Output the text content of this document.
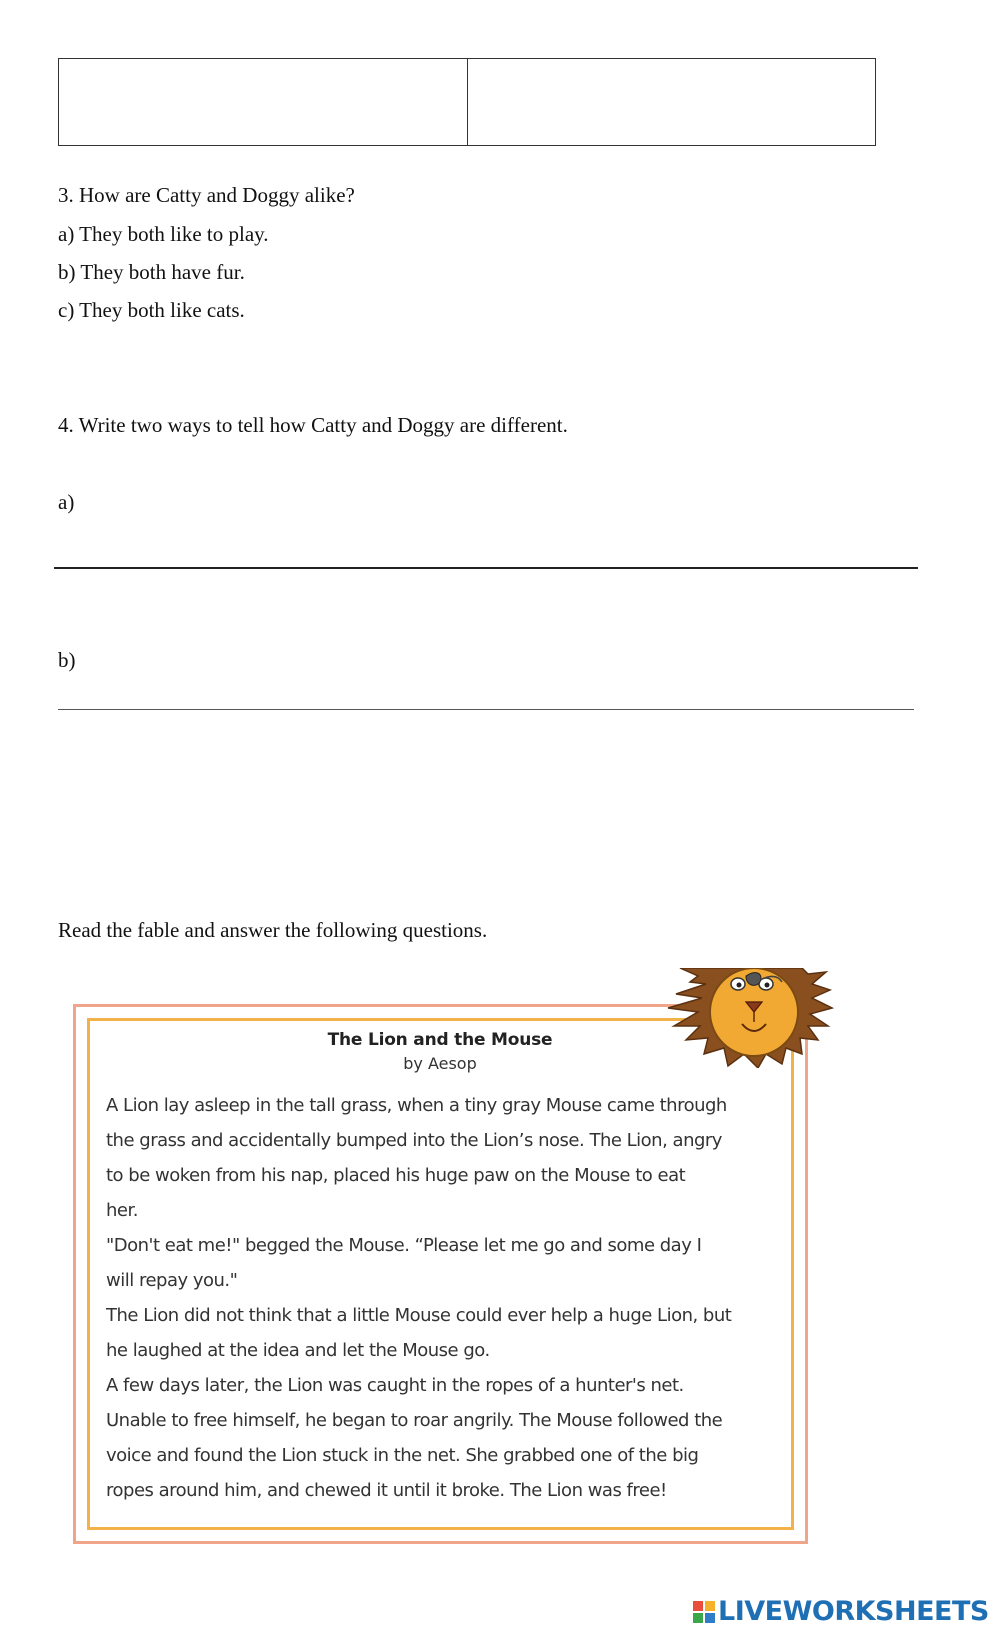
3. How are Catty and Doggy alike?
a) They both like to play.
b) They both have fur.
c) They both like cats.
4. Write two ways to tell how Catty and Doggy are different.
a)
b)
Read the fable and answer the following questions.
The Lion and the Mouse
by Aesop
A Lion lay asleep in the tall grass, when a tiny gray Mouse came through
the grass and accidentally bumped into the Lion’s nose. The Lion, angry
to be woken from his nap, placed his huge paw on the Mouse to eat
her.
"Don't eat me!" begged the Mouse. “Please let me go and some day I
will repay you."
The Lion did not think that a little Mouse could ever help a huge Lion, but
he laughed at the idea and let the Mouse go.
A few days later, the Lion was caught in the ropes of a hunter's net.
Unable to free himself, he began to roar angrily. The Mouse followed the
voice and found the Lion stuck in the net. She grabbed one of the big
ropes around him, and chewed it until it broke. The Lion was free!
LIVEWORKSHEETS
